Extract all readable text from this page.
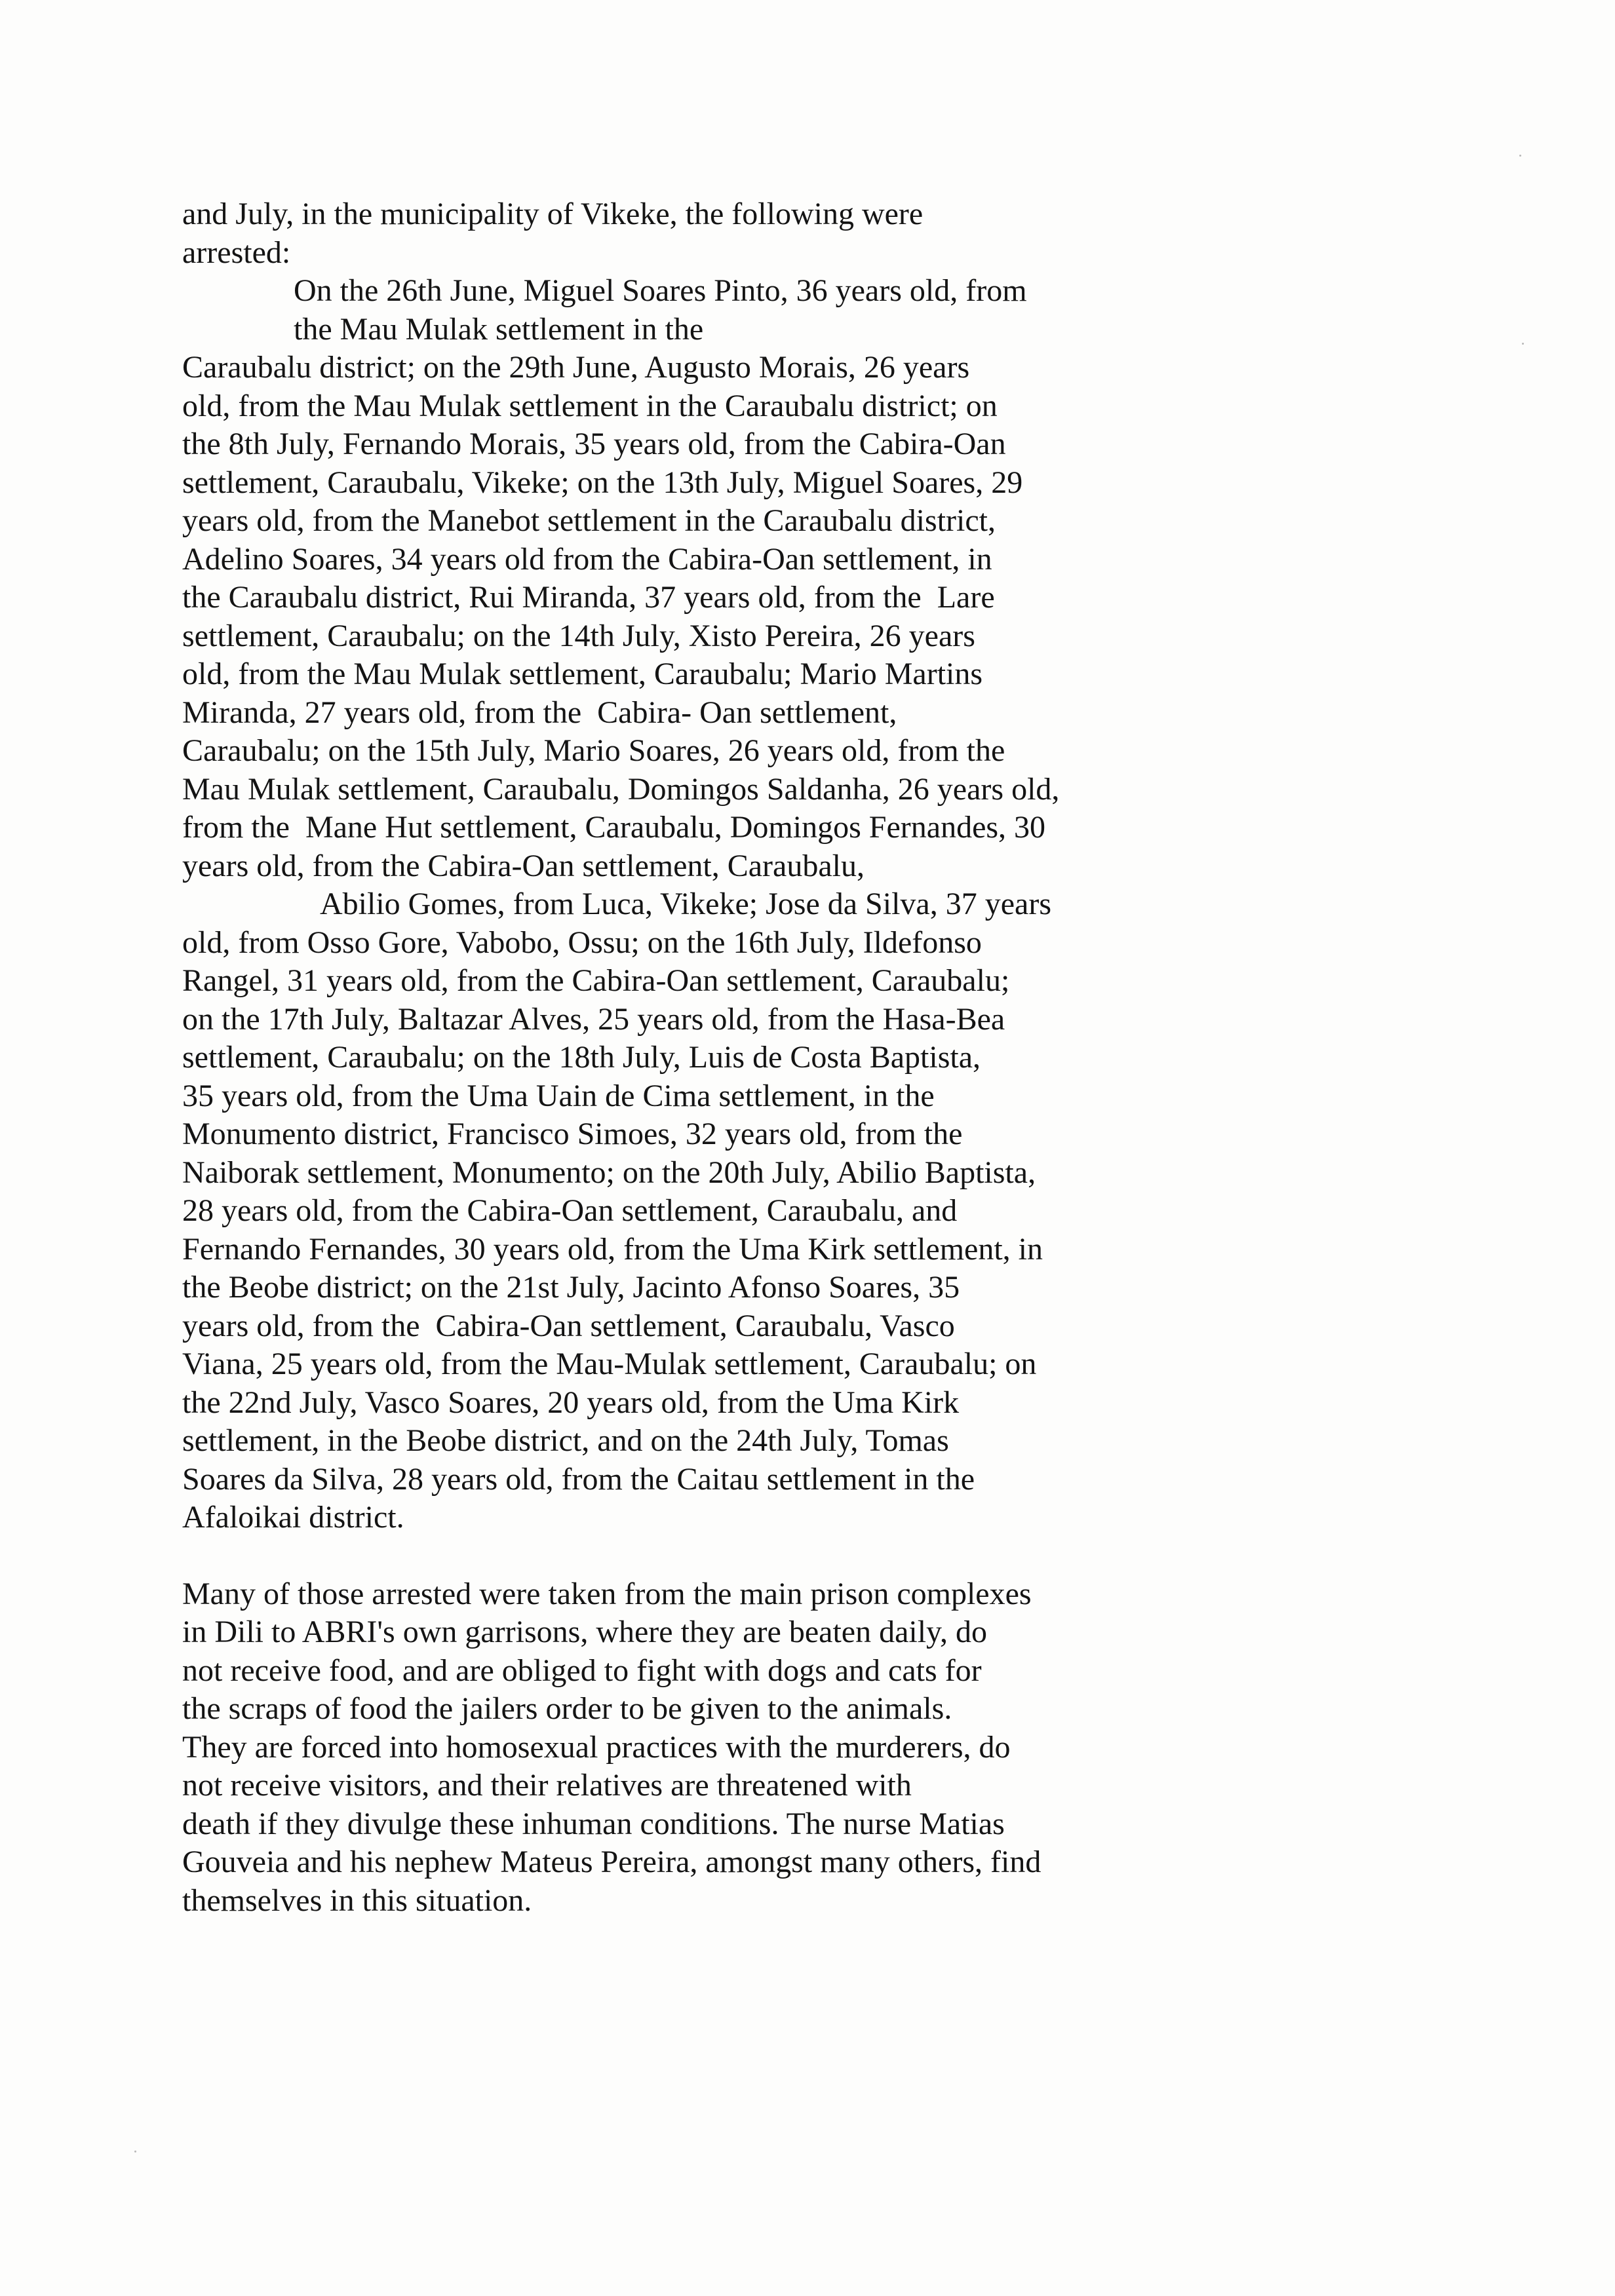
and July, in the municipality of Vikeke, the following were
arrested:
On the 26th June, Miguel Soares Pinto, 36 years old, from
the Mau Mulak settlement in the
Caraubalu district; on the 29th June, Augusto Morais, 26 years
old, from the Mau Mulak settlement in the Caraubalu district; on
the 8th July, Fernando Morais, 35 years old, from the Cabira-Oan
settlement, Caraubalu, Vikeke; on the 13th July, Miguel Soares, 29
years old, from the Manebot settlement in the Caraubalu district,
Adelino Soares, 34 years old from the Cabira-Oan settlement, in
the Caraubalu district, Rui Miranda, 37 years old, from the  Lare
settlement, Caraubalu; on the 14th July, Xisto Pereira, 26 years
old, from the Mau Mulak settlement, Caraubalu; Mario Martins
Miranda, 27 years old, from the  Cabira- Oan settlement,
Caraubalu; on the 15th July, Mario Soares, 26 years old, from the
Mau Mulak settlement, Caraubalu, Domingos Saldanha, 26 years old,
from the  Mane Hut settlement, Caraubalu, Domingos Fernandes, 30
years old, from the Cabira-Oan settlement, Caraubalu,
Abilio Gomes, from Luca, Vikeke; Jose da Silva, 37 years
old, from Osso Gore, Vabobo, Ossu; on the 16th July, Ildefonso
Rangel, 31 years old, from the Cabira-Oan settlement, Caraubalu;
on the 17th July, Baltazar Alves, 25 years old, from the Hasa-Bea
settlement, Caraubalu; on the 18th July, Luis de Costa Baptista,
35 years old, from the Uma Uain de Cima settlement, in the
Monumento district, Francisco Simoes, 32 years old, from the
Naiborak settlement, Monumento; on the 20th July, Abilio Baptista,
28 years old, from the Cabira-Oan settlement, Caraubalu, and
Fernando Fernandes, 30 years old, from the Uma Kirk settlement, in
the Beobe district; on the 21st July, Jacinto Afonso Soares, 35
years old, from the  Cabira-Oan settlement, Caraubalu, Vasco
Viana, 25 years old, from the Mau-Mulak settlement, Caraubalu; on
the 22nd July, Vasco Soares, 20 years old, from the Uma Kirk
settlement, in the Beobe district, and on the 24th July, Tomas
Soares da Silva, 28 years old, from the Caitau settlement in the
Afaloikai district.
Many of those arrested were taken from the main prison complexes
in Dili to ABRI's own garrisons, where they are beaten daily, do
not receive food, and are obliged to fight with dogs and cats for
the scraps of food the jailers order to be given to the animals.
They are forced into homosexual practices with the murderers, do
not receive visitors, and their relatives are threatened with
death if they divulge these inhuman conditions. The nurse Matias
Gouveia and his nephew Mateus Pereira, amongst many others, find
themselves in this situation.
